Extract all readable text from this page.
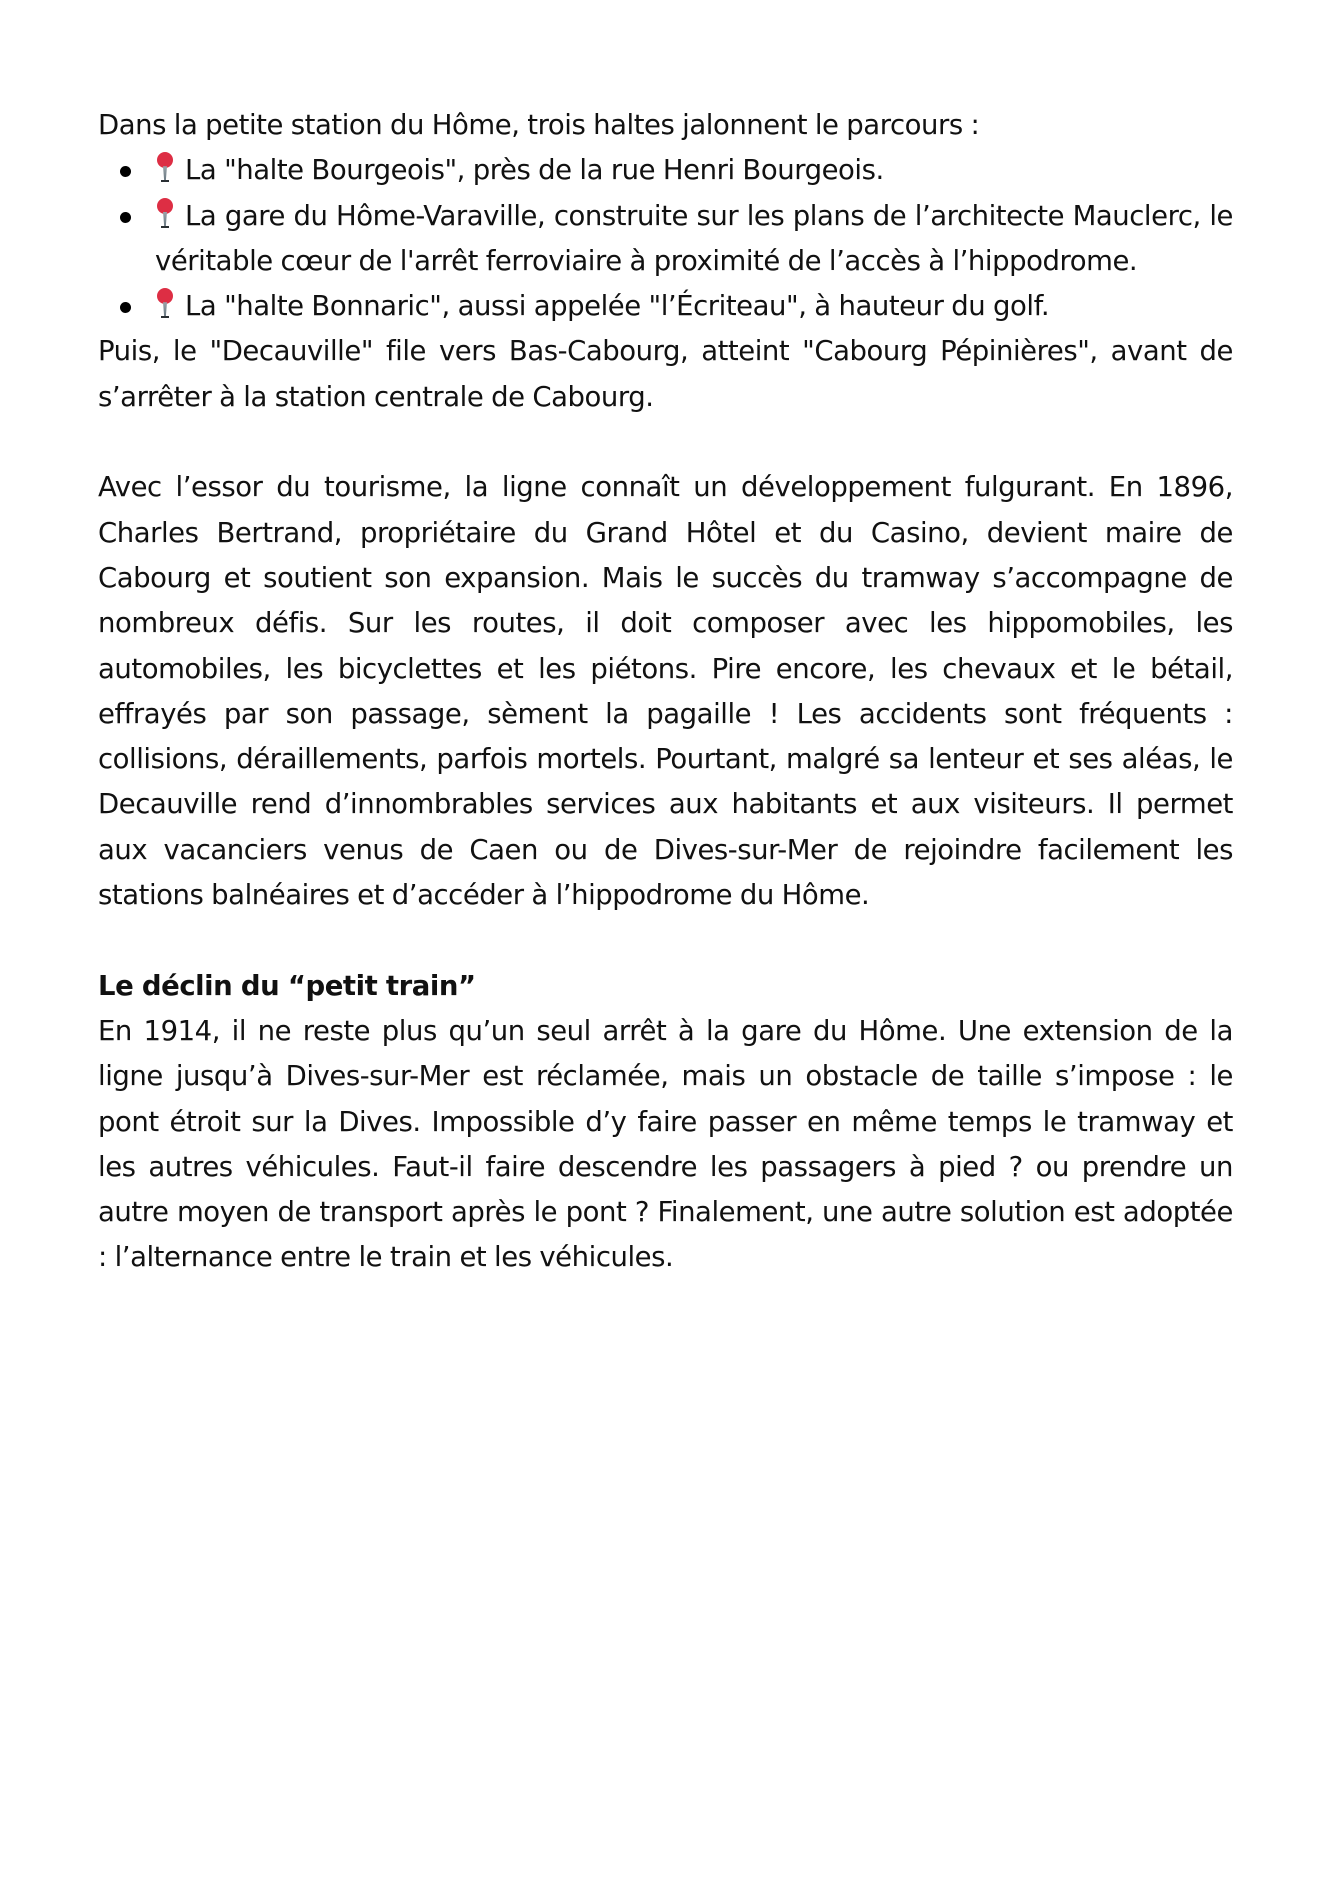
Dans la petite station du Hôme, trois haltes jalonnent le parcours :

La "halte Bourgeois", près de la rue Henri Bourgeois.
La gare du Hôme-Varaville, construite sur les plans de l’architecte Mauclerc, le véritable cœur de l'arrêt ferroviaire à proximité de l’accès à l’hippodrome.
La "halte Bonnaric", aussi appelée "l’Écriteau", à hauteur du golf.

Puis, le "Decauville" file vers Bas-Cabourg, atteint "Cabourg Pépinières", avant de s’arrêter à la station centrale de Cabourg.

Avec l’essor du tourisme, la ligne connaît un développement fulgurant. En 1896, Charles Bertrand, propriétaire du Grand Hôtel et du Casino, devient maire de Cabourg et soutient son expansion. Mais le succès du tramway s’accompagne de nombreux défis. Sur les routes, il doit composer avec les hippomobiles, les automobiles, les bicyclettes et les piétons. Pire encore, les chevaux et le bétail, effrayés par son passage, sèment la pagaille ! Les accidents sont fréquents : collisions, déraillements, parfois mortels. Pourtant, malgré sa lenteur et ses aléas, le Decauville rend d’innombrables services aux habitants et aux visiteurs. Il permet aux vacanciers venus de Caen ou de Dives-sur-Mer de rejoindre facilement les stations balnéaires et d’accéder à l’hippodrome du Hôme.

Le déclin du “petit train”

En 1914, il ne reste plus qu’un seul arrêt à la gare du Hôme. Une extension de la ligne jusqu’à Dives-sur-Mer est réclamée, mais un obstacle de taille s’impose : le pont étroit sur la Dives. Impossible d’y faire passer en même temps le tramway et les autres véhicules. Faut-il faire descendre les passagers à pied ? ou prendre un autre moyen de transport après le pont ? Finalement, une autre solution est adoptée : l’alternance entre le train et les véhicules.
